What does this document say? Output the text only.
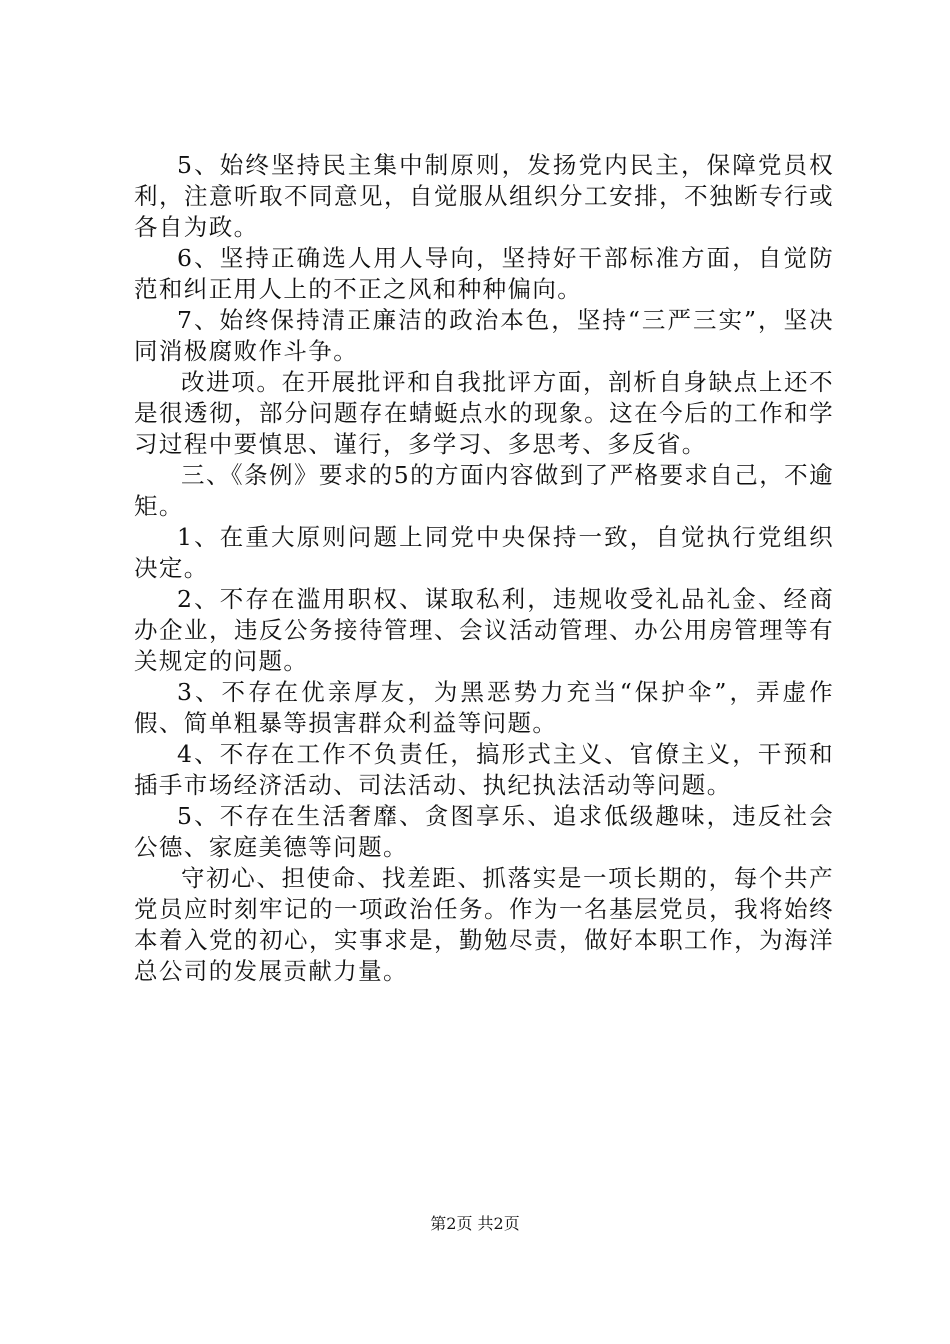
5、始终坚持民主集中制原则，发扬党内民主，保障党员权利，注意听取不同意见，自觉服从组织分工安排，不独断专行或各自为政。

6、坚持正确选人用人导向，坚持好干部标准方面，自觉防范和纠正用人上的不正之风和种种偏向。

7、始终保持清正廉洁的政治本色，坚持“三严三实”，坚决同消极腐败作斗争。

改进项。在开展批评和自我批评方面，剖析自身缺点上还不是很透彻，部分问题存在蜻蜓点水的现象。这在今后的工作和学习过程中要慎思、谨行，多学习、多思考、多反省。

三、《条例》要求的5的方面内容做到了严格要求自己，不逾矩。

1、在重大原则问题上同党中央保持一致，自觉执行党组织决定。

2、不存在滥用职权、谋取私利，违规收受礼品礼金、经商办企业，违反公务接待管理、会议活动管理、办公用房管理等有关规定的问题。

3、不存在优亲厚友，为黑恶势力充当“保护伞”，弄虚作假、简单粗暴等损害群众利益等问题。

4、不存在工作不负责任，搞形式主义、官僚主义，干预和插手市场经济活动、司法活动、执纪执法活动等问题。

5、不存在生活奢靡、贪图享乐、追求低级趣味，违反社会公德、家庭美德等问题。

守初心、担使命、找差距、抓落实是一项长期的，每个共产党员应时刻牢记的一项政治任务。作为一名基层党员，我将始终本着入党的初心，实事求是，勤勉尽责，做好本职工作，为海洋总公司的发展贡献力量。

第2页 共2页
